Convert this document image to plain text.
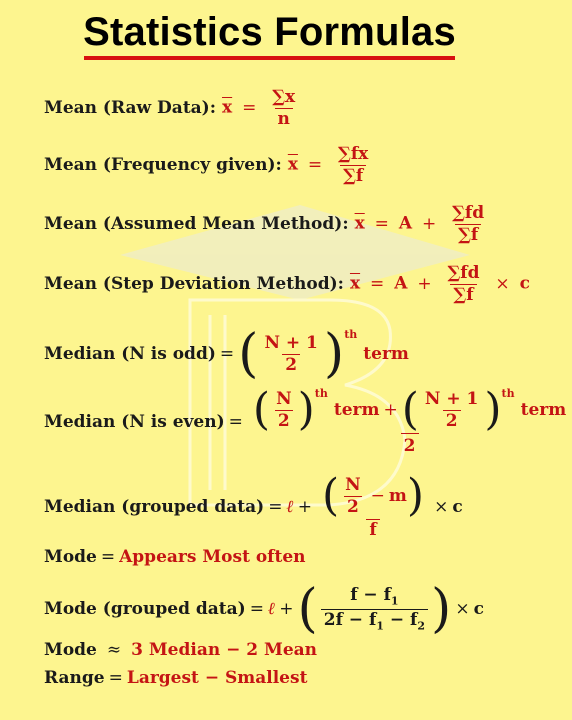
Statistics Formulas
Mean (Raw Data): $\overline{x} = \frac{\sum x}{n}$
Mean (Frequency given): $\overline{x} = \frac{\sum fx}{\sum f}$
Mean (Assumed Mean Method): $\overline{x} = A + \frac{\sum fd}{\sum f}$
Mean (Step Deviation Method): $\overline{x} = A + \frac{\sum fd}{\sum f} \times c$
Median (N is odd) = ( $\frac{N + 1}{2} )^{th}$
term
Median (N is even) = ( $\frac{N}{2} )^{th}$
term + ( $\frac{N + 1}{2} )^{th}$
term
2
Median (grouped data) = ℓ + ( $\frac{N}{2} - m$ )
f
× c
Mode = Appears Most often
Mode (grouped data) = ℓ + ( $\frac{f - f_1}{2f - f_1 - f_2}$ ) × c
Mode ≈ 3 Median − 2 Mean
Range = Largest − Smallest
